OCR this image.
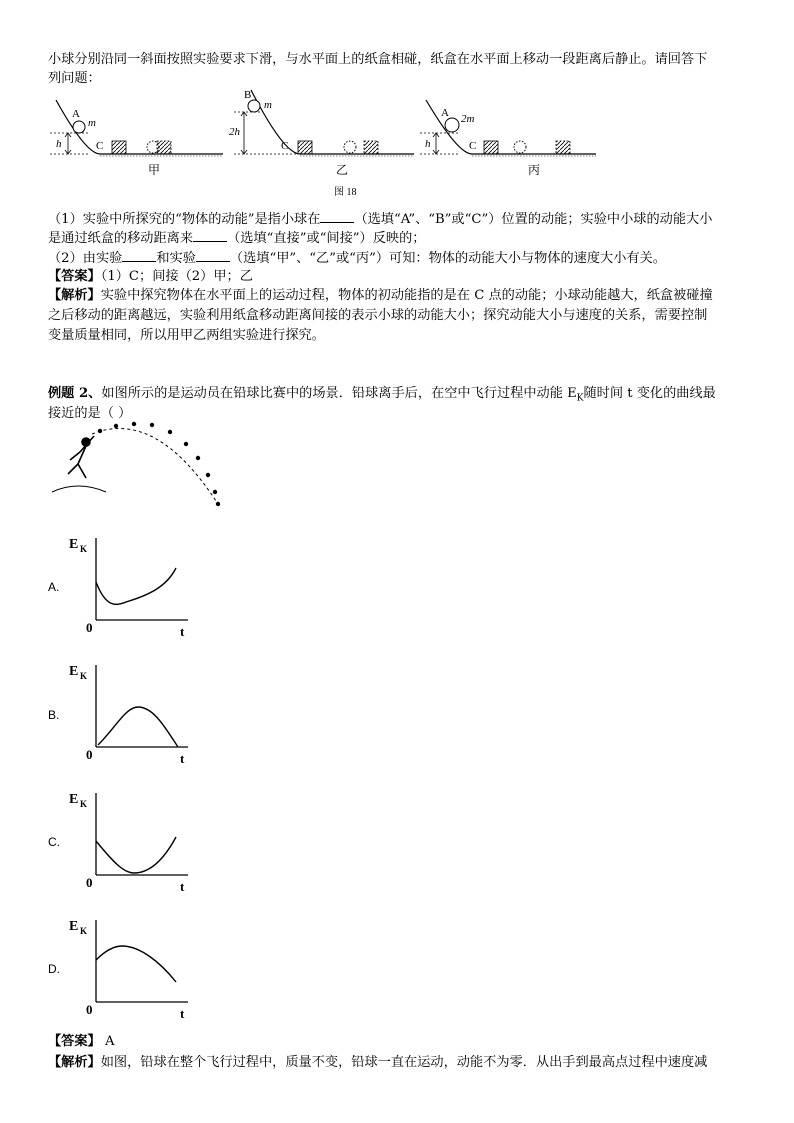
小球分别沿同一斜面按照实验要求下滑，与水平面上的纸盒相碰，纸盒在水平面上移动一段距离后静止。请回答下
列问题：
A
m
h	C
甲
B
m
2h
C
乙
A 2m
h	C
丙
图 18
（1）实验中所探究的“物体的动能”是指小球在	（选填“A”、“B”或“C”）位置的动能；实验中小球的动能大小
是通过纸盒的移动距离来	（选填“直接”或“间接”）反映的；
（2）由实验	和实验	（选填“甲”、“乙”或“丙”）可知：物体的动能大小与物体的速度大小有关。
【答案】（1）C；间接（2）甲；乙
【解析】实验中探究物体在水平面上的运动过程，物体的初动能指的是在 C 点的动能；小球动能越大，纸盒被碰撞
之后移动的距离越远，实验利用纸盒移动距离间接的表示小球的动能大小；探究动能大小与速度的关系，需要控制
变量质量相同，所以用甲乙两组实验进行探究。
例题 2、如图所示的是运动员在铅球比赛中的场景．铅球离手后，在空中飞行过程中动能 $E_K$随时间 t 变化的曲线最
接近的是（ ）
A.
B.
C.
D.
E K
0	t
E K
0	t
E K
0	t
E K
0	t
【答案】 A
【解析】如图，铅球在整个飞行过程中，质量不变，铅球一直在运动，动能不为零．从出手到最高点过程中速度减
